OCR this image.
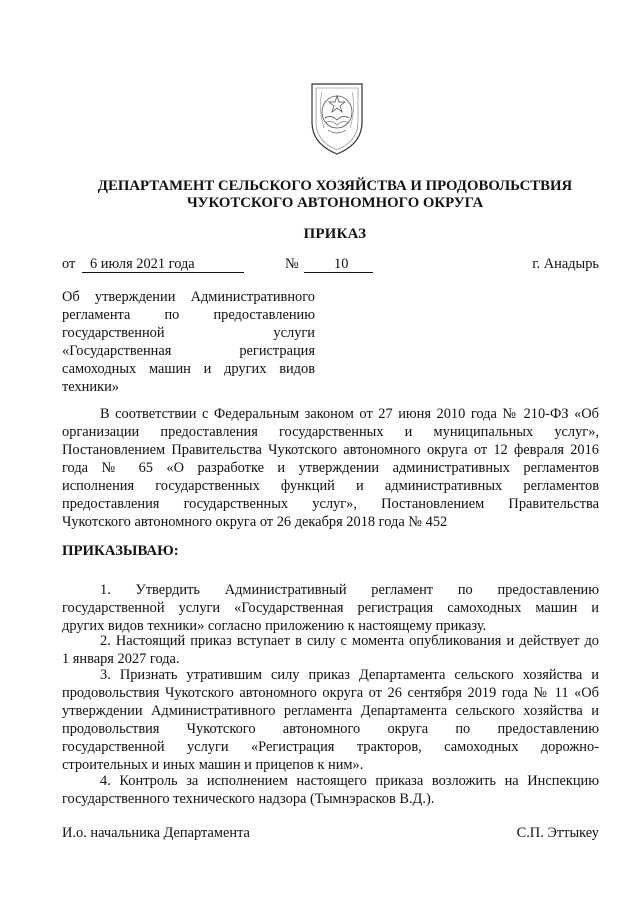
ДЕПАРТАМЕНТ СЕЛЬСКОГО ХОЗЯЙСТВА И ПРОДОВОЛЬСТВИЯ
ЧУКОТСКОГО АВТОНОМНОГО ОКРУГА
ПРИКАЗ
от 6 июля 2021 года	№ 10	г. Анадырь
Об утверждении Административного
регламента по предоставлению
государственной услуги
«Государственная регистрация
самоходных машин и других видов
техники»
В соответствии с Федеральным законом от 27 июня 2010 года № 210-ФЗ «Об
организации предоставления государственных и муниципальных услуг»,
Постановлением Правительства Чукотского автономного округа от 12 февраля 2016
года № 65 «О разработке и утверждении административных регламентов
исполнения государственных функций и административных регламентов
предоставления государственных услуг», Постановлением Правительства
Чукотского автономного округа от 26 декабря 2018 года № 452
ПРИКАЗЫВАЮ:
1. Утвердить Административный регламент по предоставлению
государственной услуги «Государственная регистрация самоходных машин и
других видов техники» согласно приложению к настоящему приказу.
2. Настоящий приказ вступает в силу с момента опубликования и действует до
1 января 2027 года.
3. Признать утратившим силу приказ Департамента сельского хозяйства и
продовольствия Чукотского автономного округа от 26 сентября 2019 года № 11 «Об
утверждении Административного регламента Департамента сельского хозяйства и
продовольствия Чукотского автономного округа по предоставлению
государственной услуги «Регистрация тракторов, самоходных дорожно-
строительных и иных машин и прицепов к ним».
4. Контроль за исполнением настоящего приказа возложить на Инспекцию
государственного технического надзора (Тымнэрасков В.Д.).
И.о. начальника Департамента	С.П. Эттыкеу
